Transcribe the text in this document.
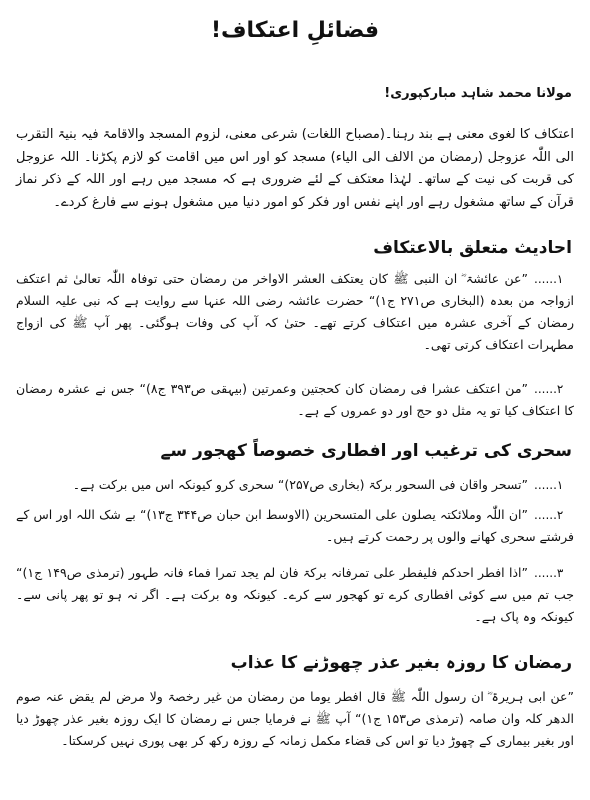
فضائلِ اعتکاف!
مولانا محمد شاہد مبارکپوری!
اعتکاف کا لغوی معنی ہے بند رہنا۔(مصباح اللغات) شرعی معنی، لزوم المسجد والاقامۃ فیہ بنیۃ التقرب الی اللّٰہ عزوجل (رمضان من الالف الی الیاء) مسجد کو اور اس میں اقامت کو لازم پکڑنا۔ اللہ عزوجل کی قربت کی نیت کے ساتھ۔ لہٰذا معتکف کے لئے ضروری ہے کہ مسجد میں رہے اور اللہ کے ذکر نماز قرآن کے ساتھ مشغول رہے اور اپنے نفس اور فکر کو امور دنیا میں مشغول ہونے سے فارغ کردے۔
احادیث متعلق بالاعتکاف
۱......
”عن عائشۃ ؓ ان النبی ﷺ کان یعتکف العشر الاواخر من رمضان حتی توفاہ اللّٰہ تعالیٰ ثم اعتکف ازواجہ من بعدہ (البخاری ص۲۷۱ ج۱)“ حضرت عائشہ رضی اللہ عنہا سے روایت ہے کہ نبی علیہ السلام رمضان کے آخری عشرہ میں اعتکاف کرتے تھے۔ حتیٰ کہ آپ کی وفات ہوگئی۔ پھر آپ ﷺ کی ازواج مطہرات اعتکاف کرتی تھی۔
۲......
”من اعتکف عشرا فی رمضان کان کحجتین وعمرتین (بیہقی ص۳۹۳ ج۸)“ جس نے عشرہ رمضان کا اعتکاف کیا تو یہ مثل دو حج اور دو عمروں کے ہے۔
سحری کی ترغیب اور افطاری خصوصاً کھجور سے
۱......
”تسحر واقان فی السحور برکۃ (بخاری ص۲۵۷)“ سحری کرو کیونکہ اس میں برکت ہے۔
۲......
”ان اللّٰہ وملائکتہ یصلون علی المتسحرین (الاوسط ابن حبان ص۳۴۴ ج۱۳)“ بے شک اللہ اور اس کے فرشتے سحری کھانے والوں پر رحمت کرتے ہیں۔
۳......
”اذا افطر احدکم فلیفطر علی تمرفانہ برکۃ فان لم یجد تمرا فماء فانہ طہور (ترمذی ص۱۴۹ ج۱)“ جب تم میں سے کوئی افطاری کرے تو کھجور سے کرے۔ کیونکہ وہ برکت ہے۔ اگر نہ ہو تو پھر پانی سے۔ کیونکہ وہ پاک ہے۔
رمضان کا روزہ بغیر عذر چھوڑنے کا عذاب
”عن ابی ہریرۃ ؓ ان رسول اللّٰہ ﷺ قال افطر یوما من رمضان من غیر رخصۃ ولا مرض لم یقض عنہ صوم الدھر کلہ وان صامہ (ترمذی ص۱۵۳ ج۱)“ آپ ﷺ نے فرمایا جس نے رمضان کا ایک روزہ بغیر عذر چھوڑ دیا اور بغیر بیماری کے چھوڑ دیا تو اس کی قضاء مکمل زمانہ کے روزہ رکھ کر بھی پوری نہیں کرسکتا۔
